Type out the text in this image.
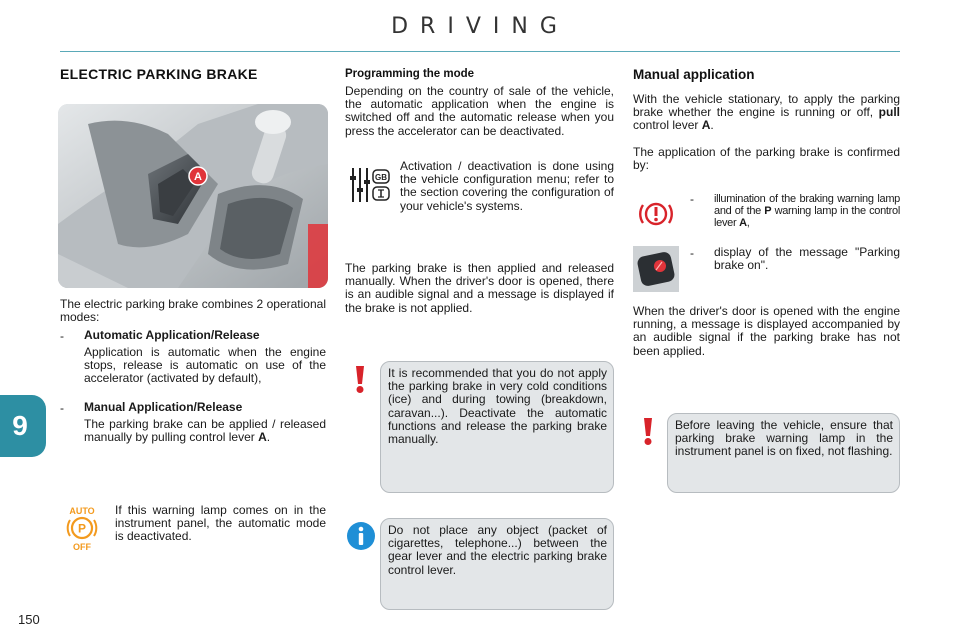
DRIVING
9
150
ELECTRIC PARKING BRAKE
A
The electric parking brake combines 2 operational modes:
- Automatic Application/Release
Application is automatic when the engine stops, release is automatic on use of the accelerator (activated by default),
- Manual Application/Release
The parking brake can be applied / released manually by pulling control lever A.
AUTO
P
OFF
If this warning lamp comes on in the instrument panel, the automatic mode is deactivated.
Programming the mode
Depending on the country of sale of the vehicle, the automatic application when the engine is switched off and the automatic release when you press the accelerator can be deactivated.
GB
Activation / deactivation is done using the vehicle configuration menu; refer to the section covering the configuration of your vehicle's systems.
The parking brake is then applied and released manually. When the driver's door is opened, there is an audible signal and a message is displayed if the brake is not applied.
It is recommended that you do not apply the parking brake in very cold conditions (ice) and during towing (breakdown, caravan...). Deactivate the automatic functions and release the parking brake manually.
Do not place any object (packet of cigarettes, telephone...) between the gear lever and the electric parking brake control lever.
Manual application
With the vehicle stationary, to apply the parking brake whether the engine is running or off, pull control lever A.
The application of the parking brake is confirmed by:
- illumination of the braking warning lamp and of the P warning lamp in the control lever A,
- display of the message "Parking brake on".
When the driver's door is opened with the engine running, a message is displayed accompanied by an audible signal if the parking brake has not been applied.
Before leaving the vehicle, ensure that parking brake warning lamp in the instrument panel is on fixed, not flashing.
